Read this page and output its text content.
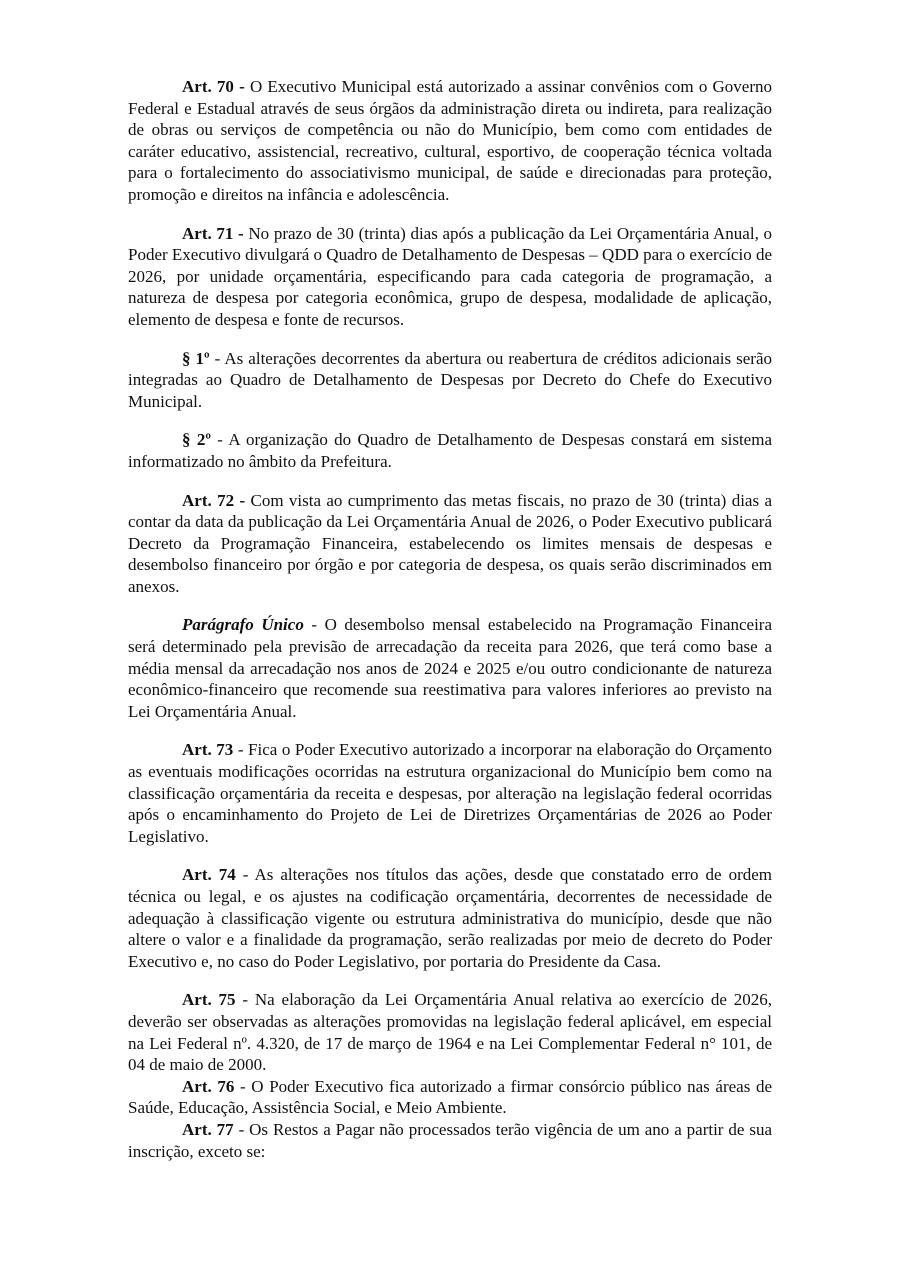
Art. 70 - O Executivo Municipal está autorizado a assinar convênios com o Governo Federal e Estadual através de seus órgãos da administração direta ou indireta, para realização de obras ou serviços de competência ou não do Município, bem como com entidades de caráter educativo, assistencial, recreativo, cultural, esportivo, de cooperação técnica voltada para o fortalecimento do associativismo municipal, de saúde e direcionadas para proteção, promoção e direitos na infância e adolescência.

Art. 71 - No prazo de 30 (trinta) dias após a publicação da Lei Orçamentária Anual, o Poder Executivo divulgará o Quadro de Detalhamento de Despesas – QDD para o exercício de 2026, por unidade orçamentária, especificando para cada categoria de programação, a natureza de despesa por categoria econômica, grupo de despesa, modalidade de aplicação, elemento de despesa e fonte de recursos.

§ 1º - As alterações decorrentes da abertura ou reabertura de créditos adicionais serão integradas ao Quadro de Detalhamento de Despesas por Decreto do Chefe do Executivo Municipal.

§ 2º - A organização do Quadro de Detalhamento de Despesas constará em sistema informatizado no âmbito da Prefeitura.

Art. 72 - Com vista ao cumprimento das metas fiscais, no prazo de 30 (trinta) dias a contar da data da publicação da Lei Orçamentária Anual de 2026, o Poder Executivo publicará Decreto da Programação Financeira, estabelecendo os limites mensais de despesas e desembolso financeiro por órgão e por categoria de despesa, os quais serão discriminados em anexos.

Parágrafo Único - O desembolso mensal estabelecido na Programação Financeira será determinado pela previsão de arrecadação da receita para 2026, que terá como base a média mensal da arrecadação nos anos de 2024 e 2025 e/ou outro condicionante de natureza econômico-financeiro que recomende sua reestimativa para valores inferiores ao previsto na Lei Orçamentária Anual.

Art. 73 - Fica o Poder Executivo autorizado a incorporar na elaboração do Orçamento as eventuais modificações ocorridas na estrutura organizacional do Município bem como na classificação orçamentária da receita e despesas, por alteração na legislação federal ocorridas após o encaminhamento do Projeto de Lei de Diretrizes Orçamentárias de 2026 ao Poder Legislativo.

Art. 74 - As alterações nos títulos das ações, desde que constatado erro de ordem técnica ou legal, e os ajustes na codificação orçamentária, decorrentes de necessidade de adequação à classificação vigente ou estrutura administrativa do município, desde que não altere o valor e a finalidade da programação, serão realizadas por meio de decreto do Poder Executivo e, no caso do Poder Legislativo, por portaria do Presidente da Casa.

Art. 75 - Na elaboração da Lei Orçamentária Anual relativa ao exercício de 2026, deverão ser observadas as alterações promovidas na legislação federal aplicável, em especial na Lei Federal nº. 4.320, de 17 de março de 1964 e na Lei Complementar Federal n° 101, de 04 de maio de 2000.

Art. 76 - O Poder Executivo fica autorizado a firmar consórcio público nas áreas de Saúde, Educação, Assistência Social, e Meio Ambiente.

Art. 77 - Os Restos a Pagar não processados terão vigência de um ano a partir de sua inscrição, exceto se:
